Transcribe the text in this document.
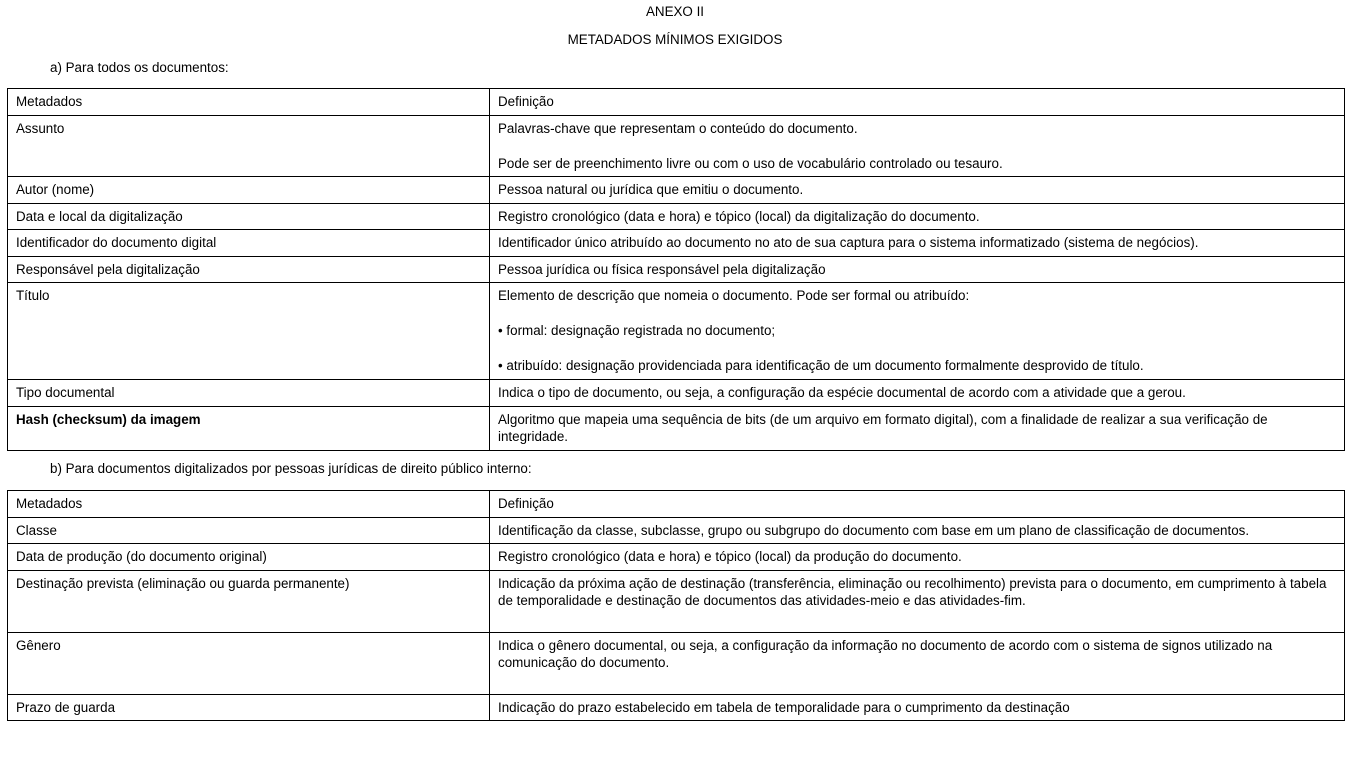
ANEXO II

METADADOS MÍNIMOS EXIGIDOS

a) Para todos os documentos:

Metadados	Definição
Assunto	Palavras-chave que representam o conteúdo do documento.
Pode ser de preenchimento livre ou com o uso de vocabulário controlado ou tesauro.

Autor (nome)	Pessoa natural ou jurídica que emitiu o documento.
Data e local da digitalização	Registro cronológico (data e hora) e tópico (local) da digitalização do documento.
Identificador do documento digital	Identificador único atribuído ao documento no ato de sua captura para o sistema informatizado (sistema de negócios).
Responsável pela digitalização	Pessoa jurídica ou física responsável pela digitalização
Título	Elemento de descrição que nomeia o documento. Pode ser formal ou atribuído:
• formal: designação registrada no documento;
• atribuído: designação providenciada para identificação de um documento formalmente desprovido de título.

Tipo documental	Indica o tipo de documento, ou seja, a configuração da espécie documental de acordo com a atividade que a gerou.
Hash (checksum) da imagem	Algoritmo que mapeia uma sequência de bits (de um arquivo em formato digital), com a finalidade de realizar a sua verificação de integridade.

b) Para documentos digitalizados por pessoas jurídicas de direito público interno:

Metadados	Definição
Classe	Identificação da classe, subclasse, grupo ou subgrupo do documento com base em um plano de classificação de documentos.
Data de produção (do documento original)	Registro cronológico (data e hora) e tópico (local) da produção do documento.
Destinação prevista (eliminação ou guarda permanente)	Indicação da próxima ação de destinação (transferência, eliminação ou recolhimento) prevista para o documento, em cumprimento à tabela de temporalidade e destinação de documentos das atividades-meio e das atividades-fim.
Gênero	Indica o gênero documental, ou seja, a configuração da informação no documento de acordo com o sistema de signos utilizado na comunicação do documento.
Prazo de guarda	Indicação do prazo estabelecido em tabela de temporalidade para o cumprimento da destinação
